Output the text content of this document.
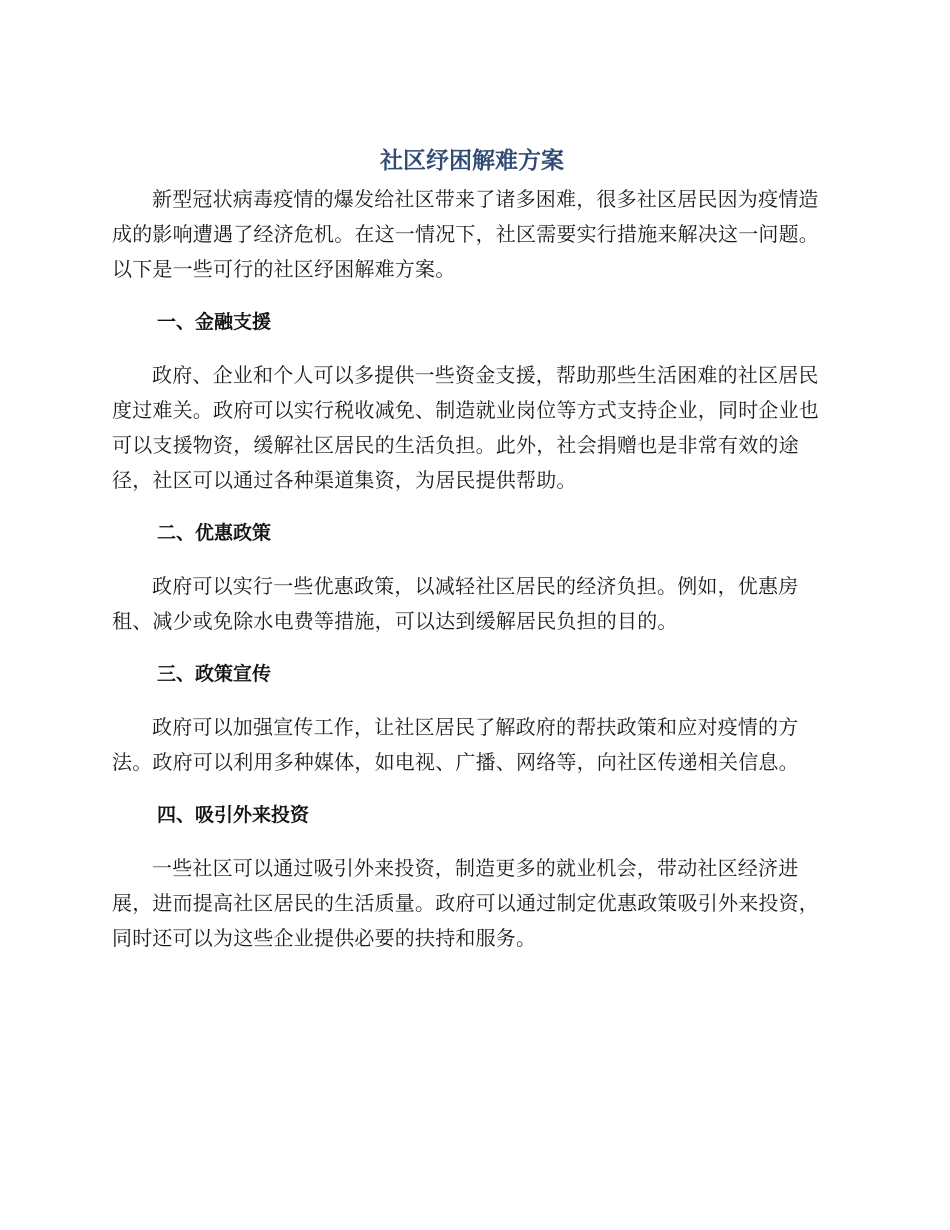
社区纾困解难方案

新型冠状病毒疫情的爆发给社区带来了诸多困难，很多社区居民因为疫情造成的影响遭遇了经济危机。在这一情况下，社区需要实行措施来解决这一问题。以下是一些可行的社区纾困解难方案。

一、金融支援

政府、企业和个人可以多提供一些资金支援，帮助那些生活困难的社区居民度过难关。政府可以实行税收减免、制造就业岗位等方式支持企业，同时企业也可以支援物资，缓解社区居民的生活负担。此外，社会捐赠也是非常有效的途径，社区可以通过各种渠道集资，为居民提供帮助。

二、优惠政策

政府可以实行一些优惠政策，以减轻社区居民的经济负担。例如，优惠房租、减少或免除水电费等措施，可以达到缓解居民负担的目的。

三、政策宣传

政府可以加强宣传工作，让社区居民了解政府的帮扶政策和应对疫情的方法。政府可以利用多种媒体，如电视、广播、网络等，向社区传递相关信息。

四、吸引外来投资

一些社区可以通过吸引外来投资，制造更多的就业机会，带动社区经济进展，进而提高社区居民的生活质量。政府可以通过制定优惠政策吸引外来投资，同时还可以为这些企业提供必要的扶持和服务。
